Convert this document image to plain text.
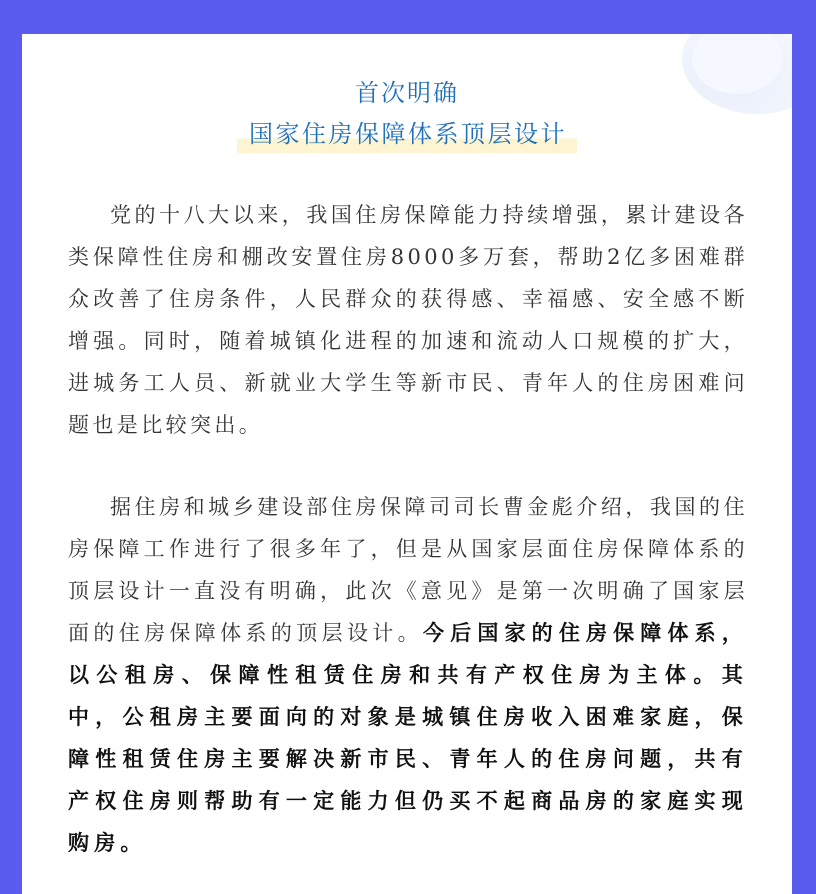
首次明确
国家住房保障体系顶层设计

党的十八大以来，我国住房保障能力持续增强，累计建设各类保障性住房和棚改安置住房8000多万套，帮助2亿多困难群众改善了住房条件，人民群众的获得感、幸福感、安全感不断增强。同时，随着城镇化进程的加速和流动人口规模的扩大，进城务工人员、新就业大学生等新市民、青年人的住房困难问题也是比较突出。

据住房和城乡建设部住房保障司司长曹金彪介绍，我国的住房保障工作进行了很多年了，但是从国家层面住房保障体系的顶层设计一直没有明确，此次《意见》是第一次明确了国家层面的住房保障体系的顶层设计。今后国家的住房保障体系，以公租房、保障性租赁住房和共有产权住房为主体。其中，公租房主要面向的对象是城镇住房收入困难家庭，保障性租赁住房主要解决新市民、青年人的住房问题，共有产权住房则帮助有一定能力但仍买不起商品房的家庭实现购房。
